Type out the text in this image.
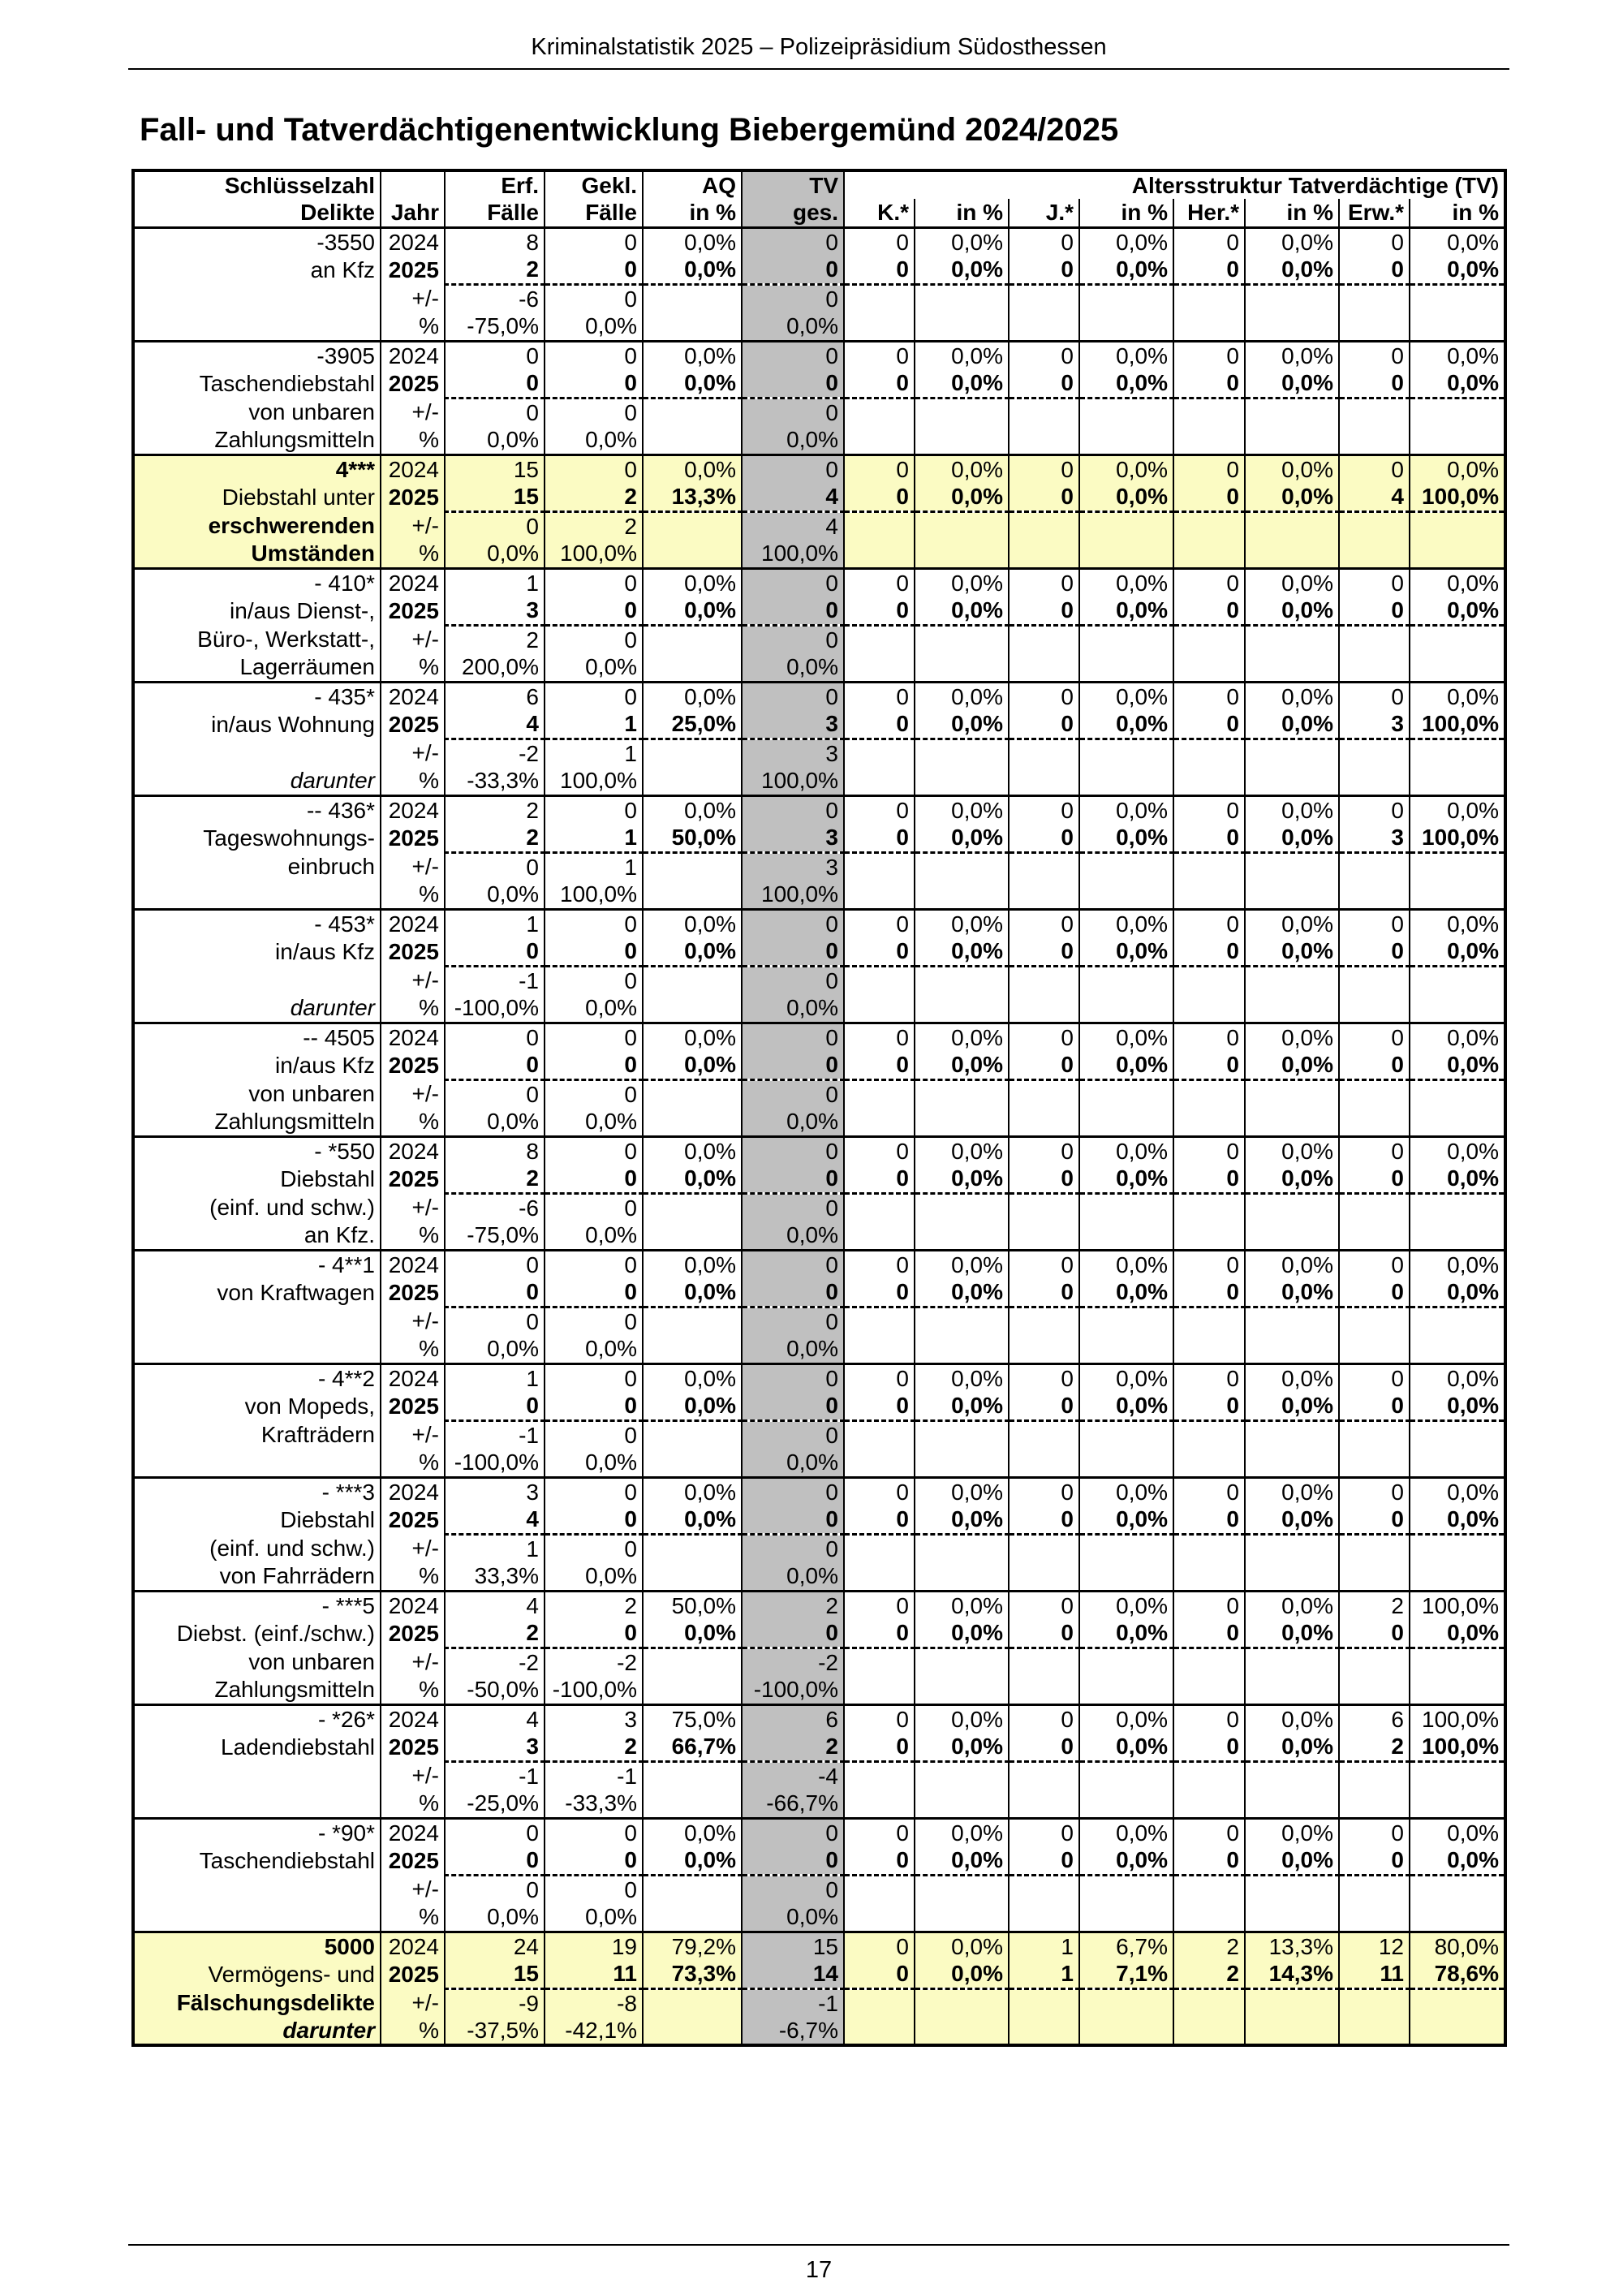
Kriminalstatistik 2025 – Polizeipräsidium Südosthessen
Fall- und Tatverdächtigenentwicklung Biebergemünd 2024/2025
Schlüsselzahl		Erf.	Gekl.	AQ	TV	Altersstruktur Tatverdächtige (TV)							
Delikte	Jahr	Fälle	Fälle	in %	ges.	K.*	in %	J.*	in %	Her.*	in %	Erw.*	in %
-3550	2024	8	0	0,0%	0	0	0,0%	0	0,0%	0	0,0%	0	0,0%
an Kfz	2025	2	0	0,0%	0	0	0,0%	0	0,0%	0	0,0%	0	0,0%
	+/-	-6	0		0								
	%	-75,0%	0,0%		0,0%								
-3905	2024	0	0	0,0%	0	0	0,0%	0	0,0%	0	0,0%	0	0,0%
Taschendiebstahl	2025	0	0	0,0%	0	0	0,0%	0	0,0%	0	0,0%	0	0,0%
von unbaren	+/-	0	0		0								
Zahlungsmitteln	%	0,0%	0,0%		0,0%								
4***	2024	15	0	0,0%	0	0	0,0%	0	0,0%	0	0,0%	0	0,0%
Diebstahl unter	2025	15	2	13,3%	4	0	0,0%	0	0,0%	0	0,0%	4	100,0%
erschwerenden	+/-	0	2		4								
Umständen	%	0,0%	100,0%		100,0%								
- 410*	2024	1	0	0,0%	0	0	0,0%	0	0,0%	0	0,0%	0	0,0%
in/aus Dienst-,	2025	3	0	0,0%	0	0	0,0%	0	0,0%	0	0,0%	0	0,0%
Büro-, Werkstatt-,	+/-	2	0		0								
Lagerräumen	%	200,0%	0,0%		0,0%								
- 435*	2024	6	0	0,0%	0	0	0,0%	0	0,0%	0	0,0%	0	0,0%
in/aus Wohnung	2025	4	1	25,0%	3	0	0,0%	0	0,0%	0	0,0%	3	100,0%
	+/-	-2	1		3								
darunter	%	-33,3%	100,0%		100,0%								
-- 436*	2024	2	0	0,0%	0	0	0,0%	0	0,0%	0	0,0%	0	0,0%
Tageswohnungs-	2025	2	1	50,0%	3	0	0,0%	0	0,0%	0	0,0%	3	100,0%
einbruch	+/-	0	1		3								
	%	0,0%	100,0%		100,0%								
- 453*	2024	1	0	0,0%	0	0	0,0%	0	0,0%	0	0,0%	0	0,0%
in/aus Kfz	2025	0	0	0,0%	0	0	0,0%	0	0,0%	0	0,0%	0	0,0%
	+/-	-1	0		0								
darunter	%	-100,0%	0,0%		0,0%								
-- 4505	2024	0	0	0,0%	0	0	0,0%	0	0,0%	0	0,0%	0	0,0%
in/aus Kfz	2025	0	0	0,0%	0	0	0,0%	0	0,0%	0	0,0%	0	0,0%
von unbaren	+/-	0	0		0								
Zahlungsmitteln	%	0,0%	0,0%		0,0%								
- *550	2024	8	0	0,0%	0	0	0,0%	0	0,0%	0	0,0%	0	0,0%
Diebstahl	2025	2	0	0,0%	0	0	0,0%	0	0,0%	0	0,0%	0	0,0%
(einf. und schw.)	+/-	-6	0		0								
an Kfz.	%	-75,0%	0,0%		0,0%								
- 4**1	2024	0	0	0,0%	0	0	0,0%	0	0,0%	0	0,0%	0	0,0%
von Kraftwagen	2025	0	0	0,0%	0	0	0,0%	0	0,0%	0	0,0%	0	0,0%
	+/-	0	0		0								
	%	0,0%	0,0%		0,0%								
- 4**2	2024	1	0	0,0%	0	0	0,0%	0	0,0%	0	0,0%	0	0,0%
von Mopeds,	2025	0	0	0,0%	0	0	0,0%	0	0,0%	0	0,0%	0	0,0%
Krafträdern	+/-	-1	0		0								
	%	-100,0%	0,0%		0,0%								
- ***3	2024	3	0	0,0%	0	0	0,0%	0	0,0%	0	0,0%	0	0,0%
Diebstahl	2025	4	0	0,0%	0	0	0,0%	0	0,0%	0	0,0%	0	0,0%
(einf. und schw.)	+/-	1	0		0								
von Fahrrädern	%	33,3%	0,0%		0,0%								
- ***5	2024	4	2	50,0%	2	0	0,0%	0	0,0%	0	0,0%	2	100,0%
Diebst. (einf./schw.)	2025	2	0	0,0%	0	0	0,0%	0	0,0%	0	0,0%	0	0,0%
von unbaren	+/-	-2	-2		-2								
Zahlungsmitteln	%	-50,0%	-100,0%		-100,0%								
- *26*	2024	4	3	75,0%	6	0	0,0%	0	0,0%	0	0,0%	6	100,0%
Ladendiebstahl	2025	3	2	66,7%	2	0	0,0%	0	0,0%	0	0,0%	2	100,0%
	+/-	-1	-1		-4								
	%	-25,0%	-33,3%		-66,7%								
- *90*	2024	0	0	0,0%	0	0	0,0%	0	0,0%	0	0,0%	0	0,0%
Taschendiebstahl	2025	0	0	0,0%	0	0	0,0%	0	0,0%	0	0,0%	0	0,0%
	+/-	0	0		0								
	%	0,0%	0,0%		0,0%								
5000	2024	24	19	79,2%	15	0	0,0%	1	6,7%	2	13,3%	12	80,0%
Vermögens- und	2025	15	11	73,3%	14	0	0,0%	1	7,1%	2	14,3%	11	78,6%
Fälschungsdelikte	+/-	-9	-8		-1								
darunter	%	-37,5%	-42,1%		-6,7%								
17
